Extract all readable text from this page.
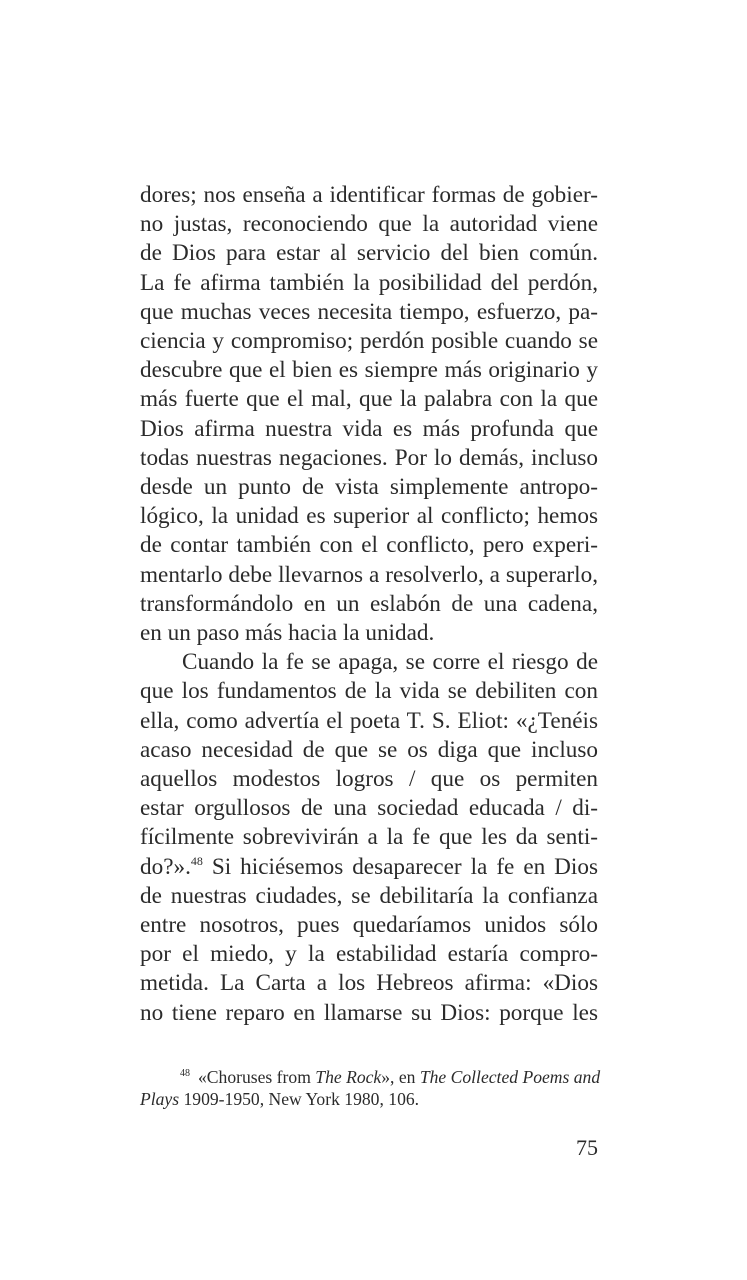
dores; nos enseña a identificar formas de gobier-
no justas, reconociendo que la autoridad viene
de Dios para estar al servicio del bien común.
La fe afirma también la posibilidad del perdón,
que muchas veces necesita tiempo, esfuerzo, pa-
ciencia y compromiso; perdón posible cuando se
descubre que el bien es siempre más originario y
más fuerte que el mal, que la palabra con la que
Dios afirma nuestra vida es más profunda que
todas nuestras negaciones. Por lo demás, incluso
desde un punto de vista simplemente antropo-
lógico, la unidad es superior al conflicto; hemos
de contar también con el conflicto, pero experi-
mentarlo debe llevarnos a resolverlo, a superarlo,
transformándolo en un eslabón de una cadena,
en un paso más hacia la unidad.
Cuando la fe se apaga, se corre el riesgo de
que los fundamentos de la vida se debiliten con
ella, como advertía el poeta T. S. Eliot: «¿Tenéis
acaso necesidad de que se os diga que incluso
aquellos modestos logros / que os permiten
estar orgullosos de una sociedad educada / di-
fícilmente sobrevivirán a la fe que les da senti-
do?».$^{48}$ Si hiciésemos desaparecer la fe en Dios
de nuestras ciudades, se debilitaría la confianza
entre nosotros, pues quedaríamos unidos sólo
por el miedo, y la estabilidad estaría compro-
metida. La Carta a los Hebreos afirma: «Dios
no tiene reparo en llamarse su Dios: porque les
$^{48}$ «Choruses from The Rock», en The Collected Poems and
Plays 1909-1950, New York 1980, 106.
75
